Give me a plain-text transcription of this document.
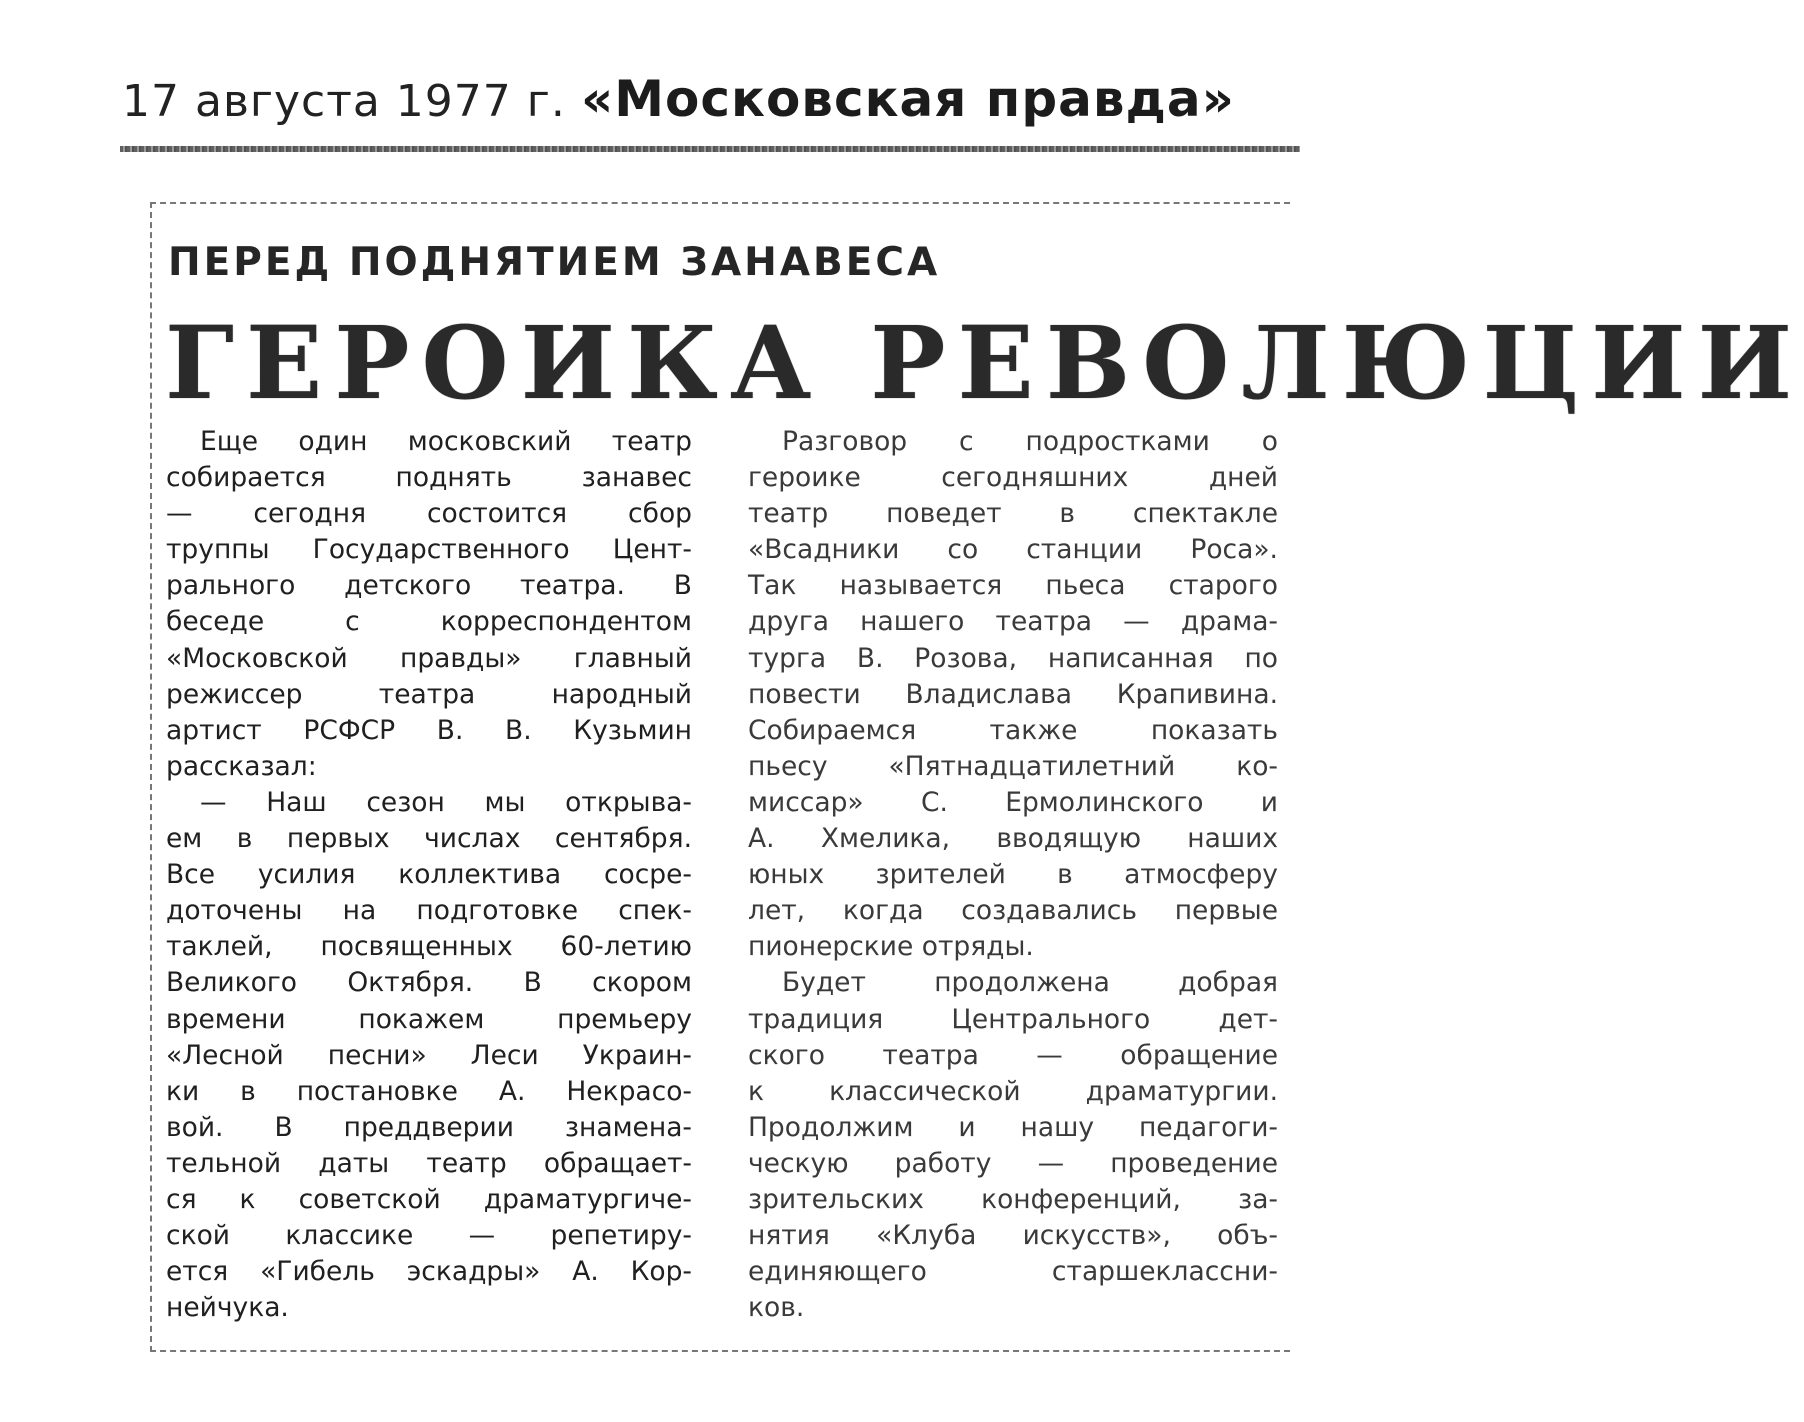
17 августа 1977 г. «Московская правда»
ПЕРЕД ПОДНЯТИЕМ ЗАНАВЕСА
ГЕРОИКА РЕВОЛЮЦИИ
Еще один московский театр
собирается поднять занавес
— сегодня состоится сбор
труппы Государственного Цент-
рального детского театра. В
беседе с корреспондентом
«Московской правды» главный
режиссер театра народный
артист РСФСР В. В. Кузьмин
рассказал:
— Наш сезон мы открыва-
ем в первых числах сентября.
Все усилия коллектива сосре-
доточены на подготовке спек-
таклей, посвященных 60-летию
Великого Октября. В скором
времени покажем премьеру
«Лесной песни» Леси Украин-
ки в постановке А. Некрасо-
вой. В преддверии знамена-
тельной даты театр обращает-
ся к советской драматургиче-
ской классике — репетиру-
ется «Гибель эскадры» А. Кор-
нейчука.
Разговор с подростками о
героике сегодняшних дней
театр поведет в спектакле
«Всадники со станции Роса».
Так называется пьеса старого
друга нашего театра — драма-
турга В. Розова, написанная по
повести Владислава Крапивина.
Собираемся также показать
пьесу «Пятнадцатилетний ко-
миссар» С. Ермолинского и
А. Хмелика, вводящую наших
юных зрителей в атмосферу
лет, когда создавались первые
пионерские отряды.
Будет продолжена добрая
традиция Центрального дет-
ского театра — обращение
к классической драматургии.
Продолжим и нашу педагоги-
ческую работу — проведение
зрительских конференций, за-
нятия «Клуба искусств», объ-
единяющего старшеклассни-
ков.
